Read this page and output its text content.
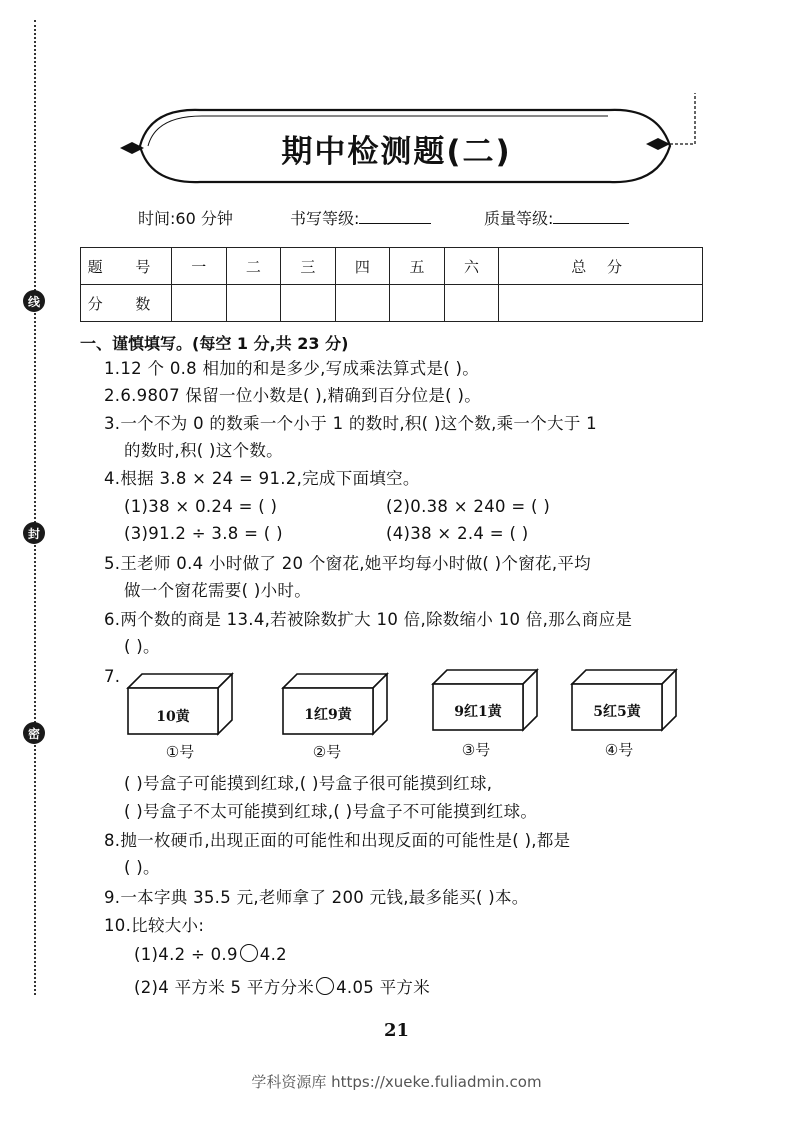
线
封
密
期中检测题(二)
时间:60 分钟	书写等级:	质量等级:
题 号	一	二	三	四	五	六	总 分
分 数							
一、谨慎填写。(每空 1 分,共 23 分)
1.12 个 0.8 相加的和是多少,写成乘法算式是( )。
2.6.9807 保留一位小数是( ),精确到百分位是( )。
3.一个不为 0 的数乘一个小于 1 的数时,积( )这个数,乘一个大于 1
的数时,积( )这个数。
4.根据 3.8 × 24 = 91.2,完成下面填空。
(1)38 × 0.24 = ( )	(2)0.38 × 240 = ( )
(3)91.2 ÷ 3.8 = ( )	(4)38 × 2.4 = ( )
5.王老师 0.4 小时做了 20 个窗花,她平均每小时做( )个窗花,平均
做一个窗花需要( )小时。
6.两个数的商是 13.4,若被除数扩大 10 倍,除数缩小 10 倍,那么商应是
( )。
7.
10黄	1红9黄	9红1黄	5红5黄
①号	②号	③号	④号
( )号盒子可能摸到红球,( )号盒子很可能摸到红球,
( )号盒子不太可能摸到红球,( )号盒子不可能摸到红球。
8.抛一枚硬币,出现正面的可能性和出现反面的可能性是( ),都是
( )。
9.一本字典 35.5 元,老师拿了 200 元钱,最多能买( )本。
10.比较大小:
(1)4.2 ÷ 0.9 4.2
(2)4 平方米 5 平方分米 4.05 平方米
21
学科资源库 https://xueke.fuliadmin.com
